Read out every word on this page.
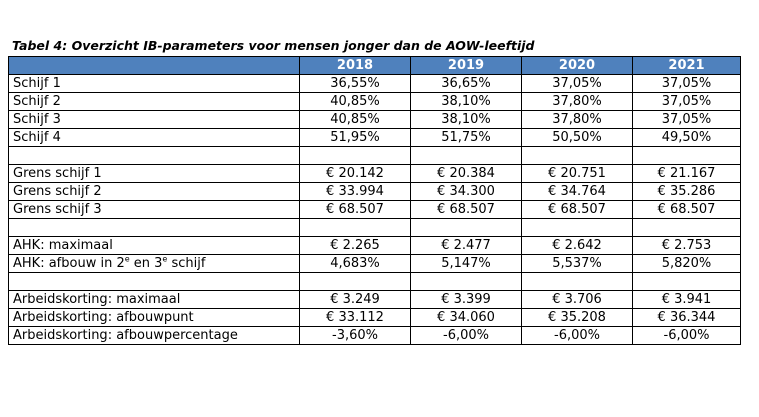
Tabel 4: Overzicht IB-parameters voor mensen jonger dan de AOW-leeftijd
	2018	2019	2020	2021
Schijf 1	36,55%	36,65%	37,05%	37,05%
Schijf 2	40,85%	38,10%	37,80%	37,05%
Schijf 3	40,85%	38,10%	37,80%	37,05%
Schijf 4	51,95%	51,75%	50,50%	49,50%

Grens schijf 1	€ 20.142	€ 20.384	€ 20.751	€ 21.167
Grens schijf 2	€ 33.994	€ 34.300	€ 34.764	€ 35.286
Grens schijf 3	€ 68.507	€ 68.507	€ 68.507	€ 68.507

AHK: maximaal	€ 2.265	€ 2.477	€ 2.642	€ 2.753
AHK: afbouw in 2e en 3e schijf	4,683%	5,147%	5,537%	5,820%

Arbeidskorting: maximaal	€ 3.249	€ 3.399	€ 3.706	€ 3.941
Arbeidskorting: afbouwpunt	€ 33.112	€ 34.060	€ 35.208	€ 36.344
Arbeidskorting: afbouwpercentage	-3,60%	-6,00%	-6,00%	-6,00%
